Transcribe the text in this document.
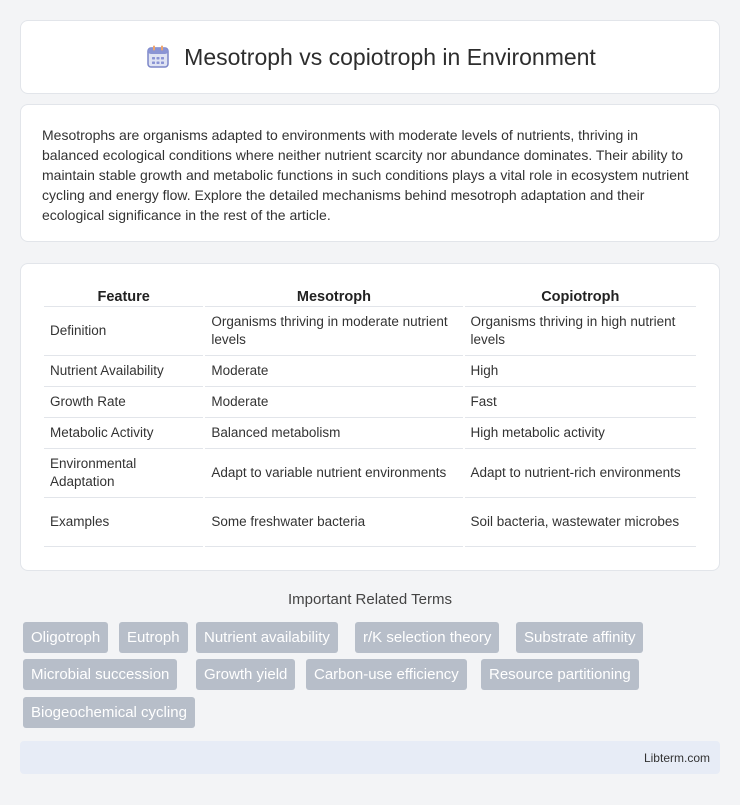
Mesotroph vs copiotroph in Environment

Mesotrophs are organisms adapted to environments with moderate levels of nutrients, thriving in balanced ecological conditions where neither nutrient scarcity nor abundance dominates. Their ability to maintain stable growth and metabolic functions in such conditions plays a vital role in ecosystem nutrient cycling and energy flow. Explore the detailed mechanisms behind mesotroph adaptation and their ecological significance in the rest of the article.

Feature	Mesotroph	Copiotroph
Definition	Organisms thriving in moderate nutrient levels	Organisms thriving in high nutrient levels
Nutrient Availability	Moderate	High
Growth Rate	Moderate	Fast
Metabolic Activity	Balanced metabolism	High metabolic activity
Environmental Adaptation	Adapt to variable nutrient environments	Adapt to nutrient-rich environments
Examples	Some freshwater bacteria	Soil bacteria, wastewater microbes
Important Related Terms
Oligotroph	Eutroph	Nutrient availability	r/K selection theory	Substrate affinity
Microbial succession	Growth yield	Carbon-use efficiency	Resource partitioning
Biogeochemical cycling
Libterm.com
